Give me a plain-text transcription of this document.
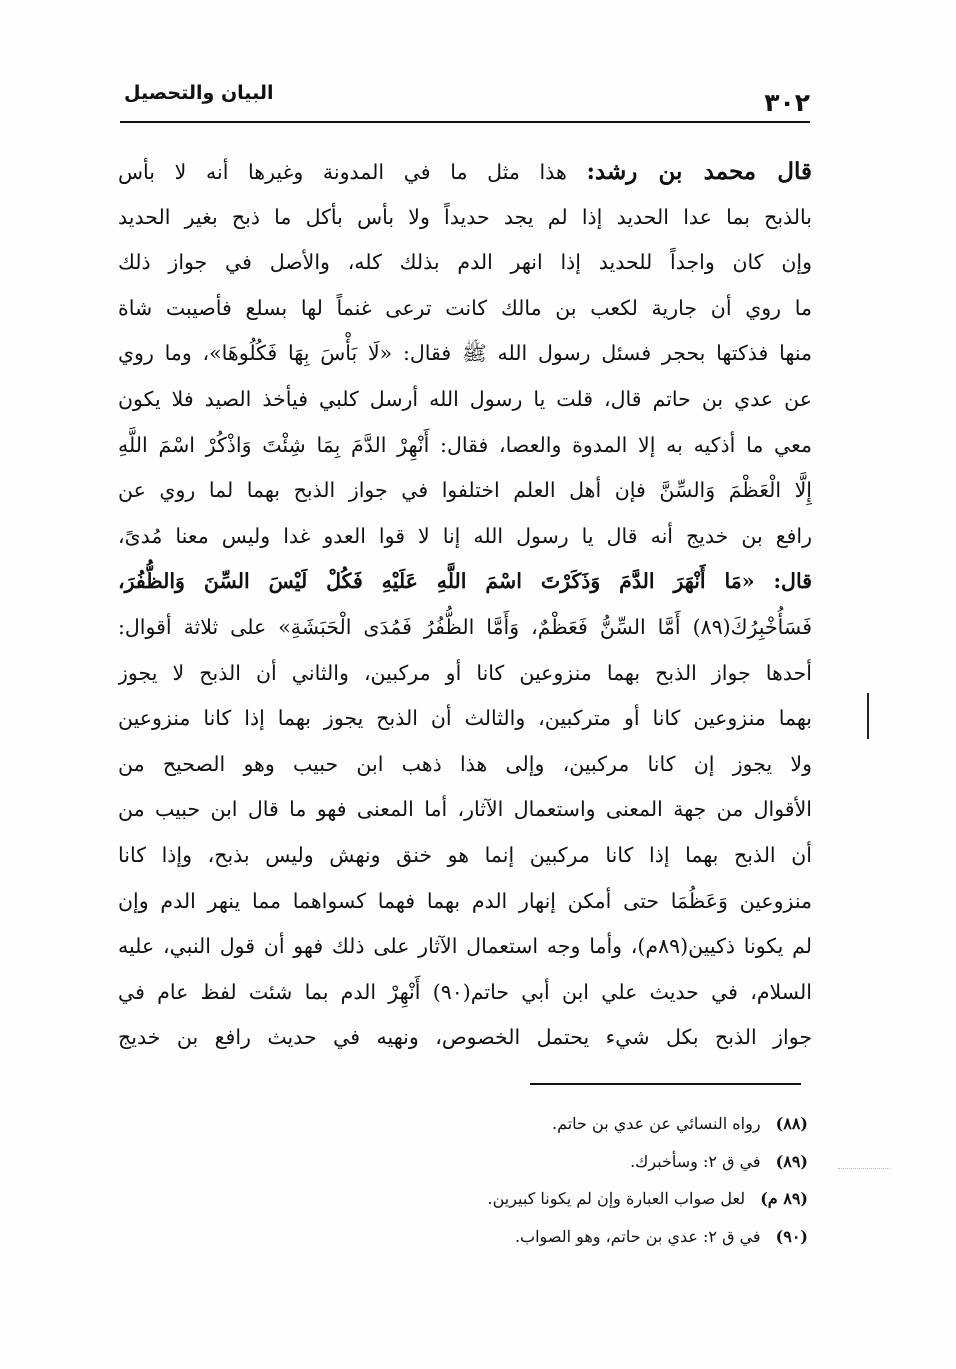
٣٠٢
البيان والتحصيل
قال محمد بن رشد: هذا مثل ما في المدونة وغيرها أنه لا بأس
بالذبح بما عدا الحديد إذا لم يجد حديداً ولا بأس بأكل ما ذبح بغير الحديد
وإن كان واجداً للحديد إذا انهر الدم بذلك كله، والأصل في جواز ذلك
ما روي أن جارية لكعب بن مالك كانت ترعى غنماً لها بسلع فأصيبت شاة
منها فذكتها بحجر فسئل رسول الله ﷺ فقال: «لَا بَأْسَ بِهَا فَكُلُوهَا»، وما روي
عن عدي بن حاتم قال، قلت يا رسول الله أرسل كلبي فيأخذ الصيد فلا يكون
معي ما أذكيه به إلا المدوة والعصا، فقال: أَنْهِرْ الدَّمَ بِمَا شِئْتَ وَاذْكُرْ اسْمَ اللَّهِ
إِلَّا الْعَظْمَ وَالسِّنَّ فإن أهل العلم اختلفوا في جواز الذبح بهما لما روي عن
رافع بن خديج أنه قال يا رسول الله إنا لا قوا العدو غدا وليس معنا مُدىً،
قال: «مَا أَنْهَرَ الدَّمَ وَذَكَرْتَ اسْمَ اللَّهِ عَلَيْهِ فَكُلْ لَيْسَ السِّنَ وَالظُّفُرَ،
فَسَأُخْبِرُكَ(٨٩) أَمَّا السِّنُّ فَعَظْمٌ، وَأَمَّا الظُّفُرُ فَمُدَى الْحَبَشَةِ» على ثلاثة أقوال:
أحدها جواز الذبح بهما منزوعين كانا أو مركبين، والثاني أن الذبح لا يجوز
بهما منزوعين كانا أو متركبين، والثالث أن الذبح يجوز بهما إذا كانا منزوعين
ولا يجوز إن كانا مركبين، وإلى هذا ذهب ابن حبيب وهو الصحيح من
الأقوال من جهة المعنى واستعمال الآثار، أما المعنى فهو ما قال ابن حبيب من
أن الذبح بهما إذا كانا مركبين إنما هو خنق ونهش وليس بذبح، وإذا كانا
منزوعين وَعَظُمَا حتى أمكن إنهار الدم بهما فهما كسواهما مما ينهر الدم وإن
لم يكونا ذكيين(٨٩م)، وأما وجه استعمال الآثار على ذلك فهو أن قول النبي، عليه
السلام، في حديث علي ابن أبي حاتم(٩٠) أَنْهِرْ الدم بما شئت لفظ عام في
جواز الذبح بكل شيء يحتمل الخصوص، ونهيه في حديث رافع بن خديج
(٨٨) رواه النسائي عن عدي بن حاتم.
(٨٩) في ق ٢: وسأخبرك.
(٨٩ م) لعل صواب العبارة وإن لم يكونا كبيرين.
(٩٠) في ق ٢: عدي بن حاتم، وهو الصواب.
